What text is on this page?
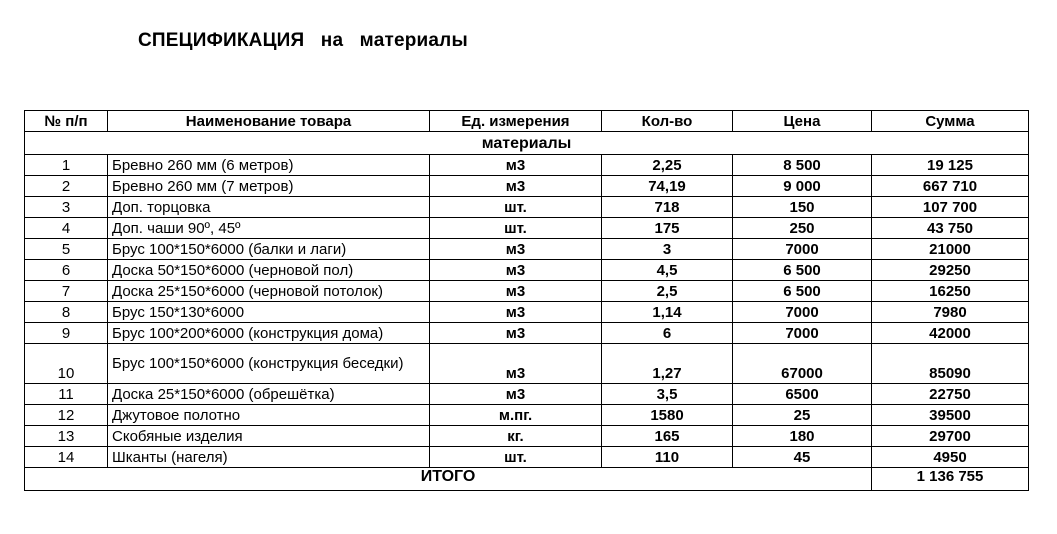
СПЕЦИФИКАЦИЯ   на   материалы
№ п/п	Наименование товара	Ед. измерения	Кол-во	Цена	Сумма
материалы					
1	Бревно 260 мм (6 метров)	м3	2,25	8 500	19 125
2	Бревно 260 мм (7 метров)	м3	74,19	9 000	667 710
3	Доп. торцовка	шт.	718	150	107 700
4	Доп. чаши 90º, 45º	шт.	175	250	43 750
5	Брус 100*150*6000 (балки и лаги)	м3	3	7000	21000
6	Доска 50*150*6000 (черновой пол)	м3	4,5	6 500	29250
7	Доска 25*150*6000 (черновой потолок)	м3	2,5	6 500	16250
8	Брус 150*130*6000	м3	1,14	7000	7980
9	Брус 100*200*6000 (конструкция дома)	м3	6	7000	42000
10	Брус 100*150*6000 (конструкция беседки)	м3	1,27	67000	85090
11	Доска 25*150*6000 (обрешётка)	м3	3,5	6500	22750
12	Джутовое полотно	м.пг.	1580	25	39500
13	Скобяные изделия	кг.	165	180	29700
14	Шканты (нагеля)	шт.	110	45	4950
ИТОГО					1 136 755
